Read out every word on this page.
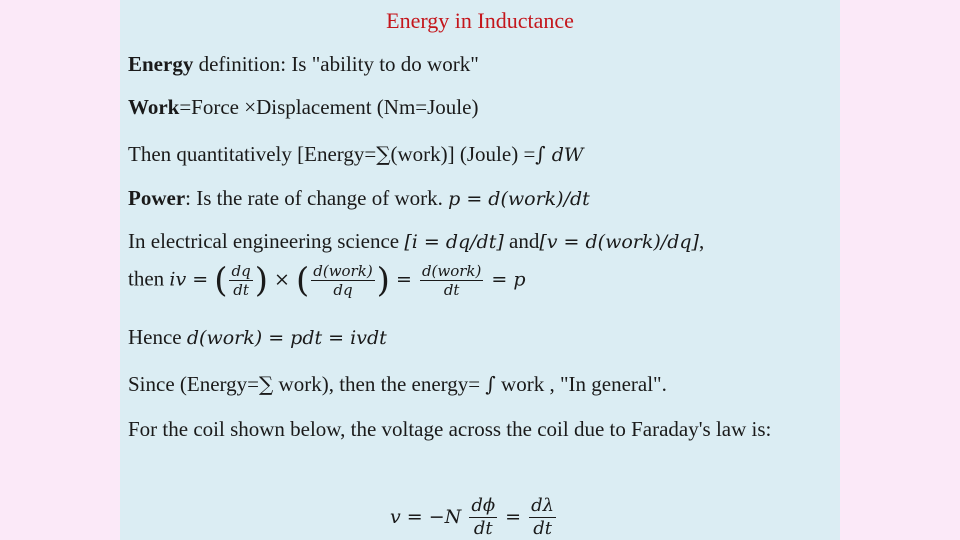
Energy in Inductance
Energy definition: Is "ability to do work"
Work=Force ×Displacement (Nm=Joule)
Then quantitatively [Energy=∑(work)] (Joule) =∫ dW
Power: Is the rate of change of work. p = d(work)/dt
In electrical engineering science [i = dq/dt] and[v = d(work)/dq],
then iv = ( $\frac{dq}{dt}$ ) × ( $\frac{\text{d(work)}}{dq}$ ) = $\frac{\text{d(work)}}{dt} = p$
Hence d(work) = pdt = ivdt
Since (Energy=∑ work), then the energy= ∫ work , "In general".
For the coil shown below, the voltage across the coil due to Faraday's law is:
$v = -N \frac{d\phi}{dt} = \frac{d\lambda}{dt}$
